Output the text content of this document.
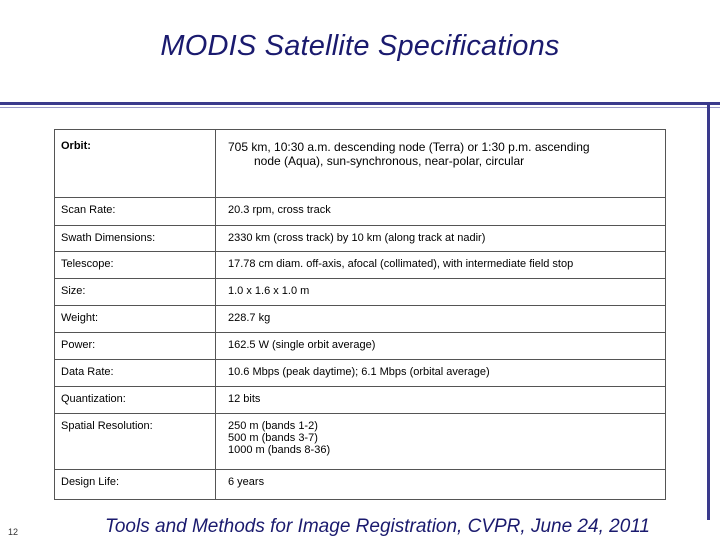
MODIS Satellite Specifications
Orbit:	705 km, 10:30 a.m. descending node (Terra) or 1:30 p.m. ascending
node (Aqua), sun-synchronous, near-polar, circular

Scan Rate:	20.3 rpm, cross track
Swath Dimensions:	2330 km (cross track) by 10 km (along track at nadir)
Telescope:	17.78 cm diam. off-axis, afocal (collimated), with intermediate field stop
Size:	1.0 x 1.6 x 1.0 m
Weight:	228.7 kg
Power:	162.5 W (single orbit average)
Data Rate:	10.6 Mbps (peak daytime); 6.1 Mbps (orbital average)
Quantization:	12 bits
Spatial Resolution:	250 m (bands 1-2)
500 m (bands 3-7)
1000 m (bands 8-36)

Design Life:	6 years
12	Tools and Methods for Image Registration, CVPR, June 24, 2011
